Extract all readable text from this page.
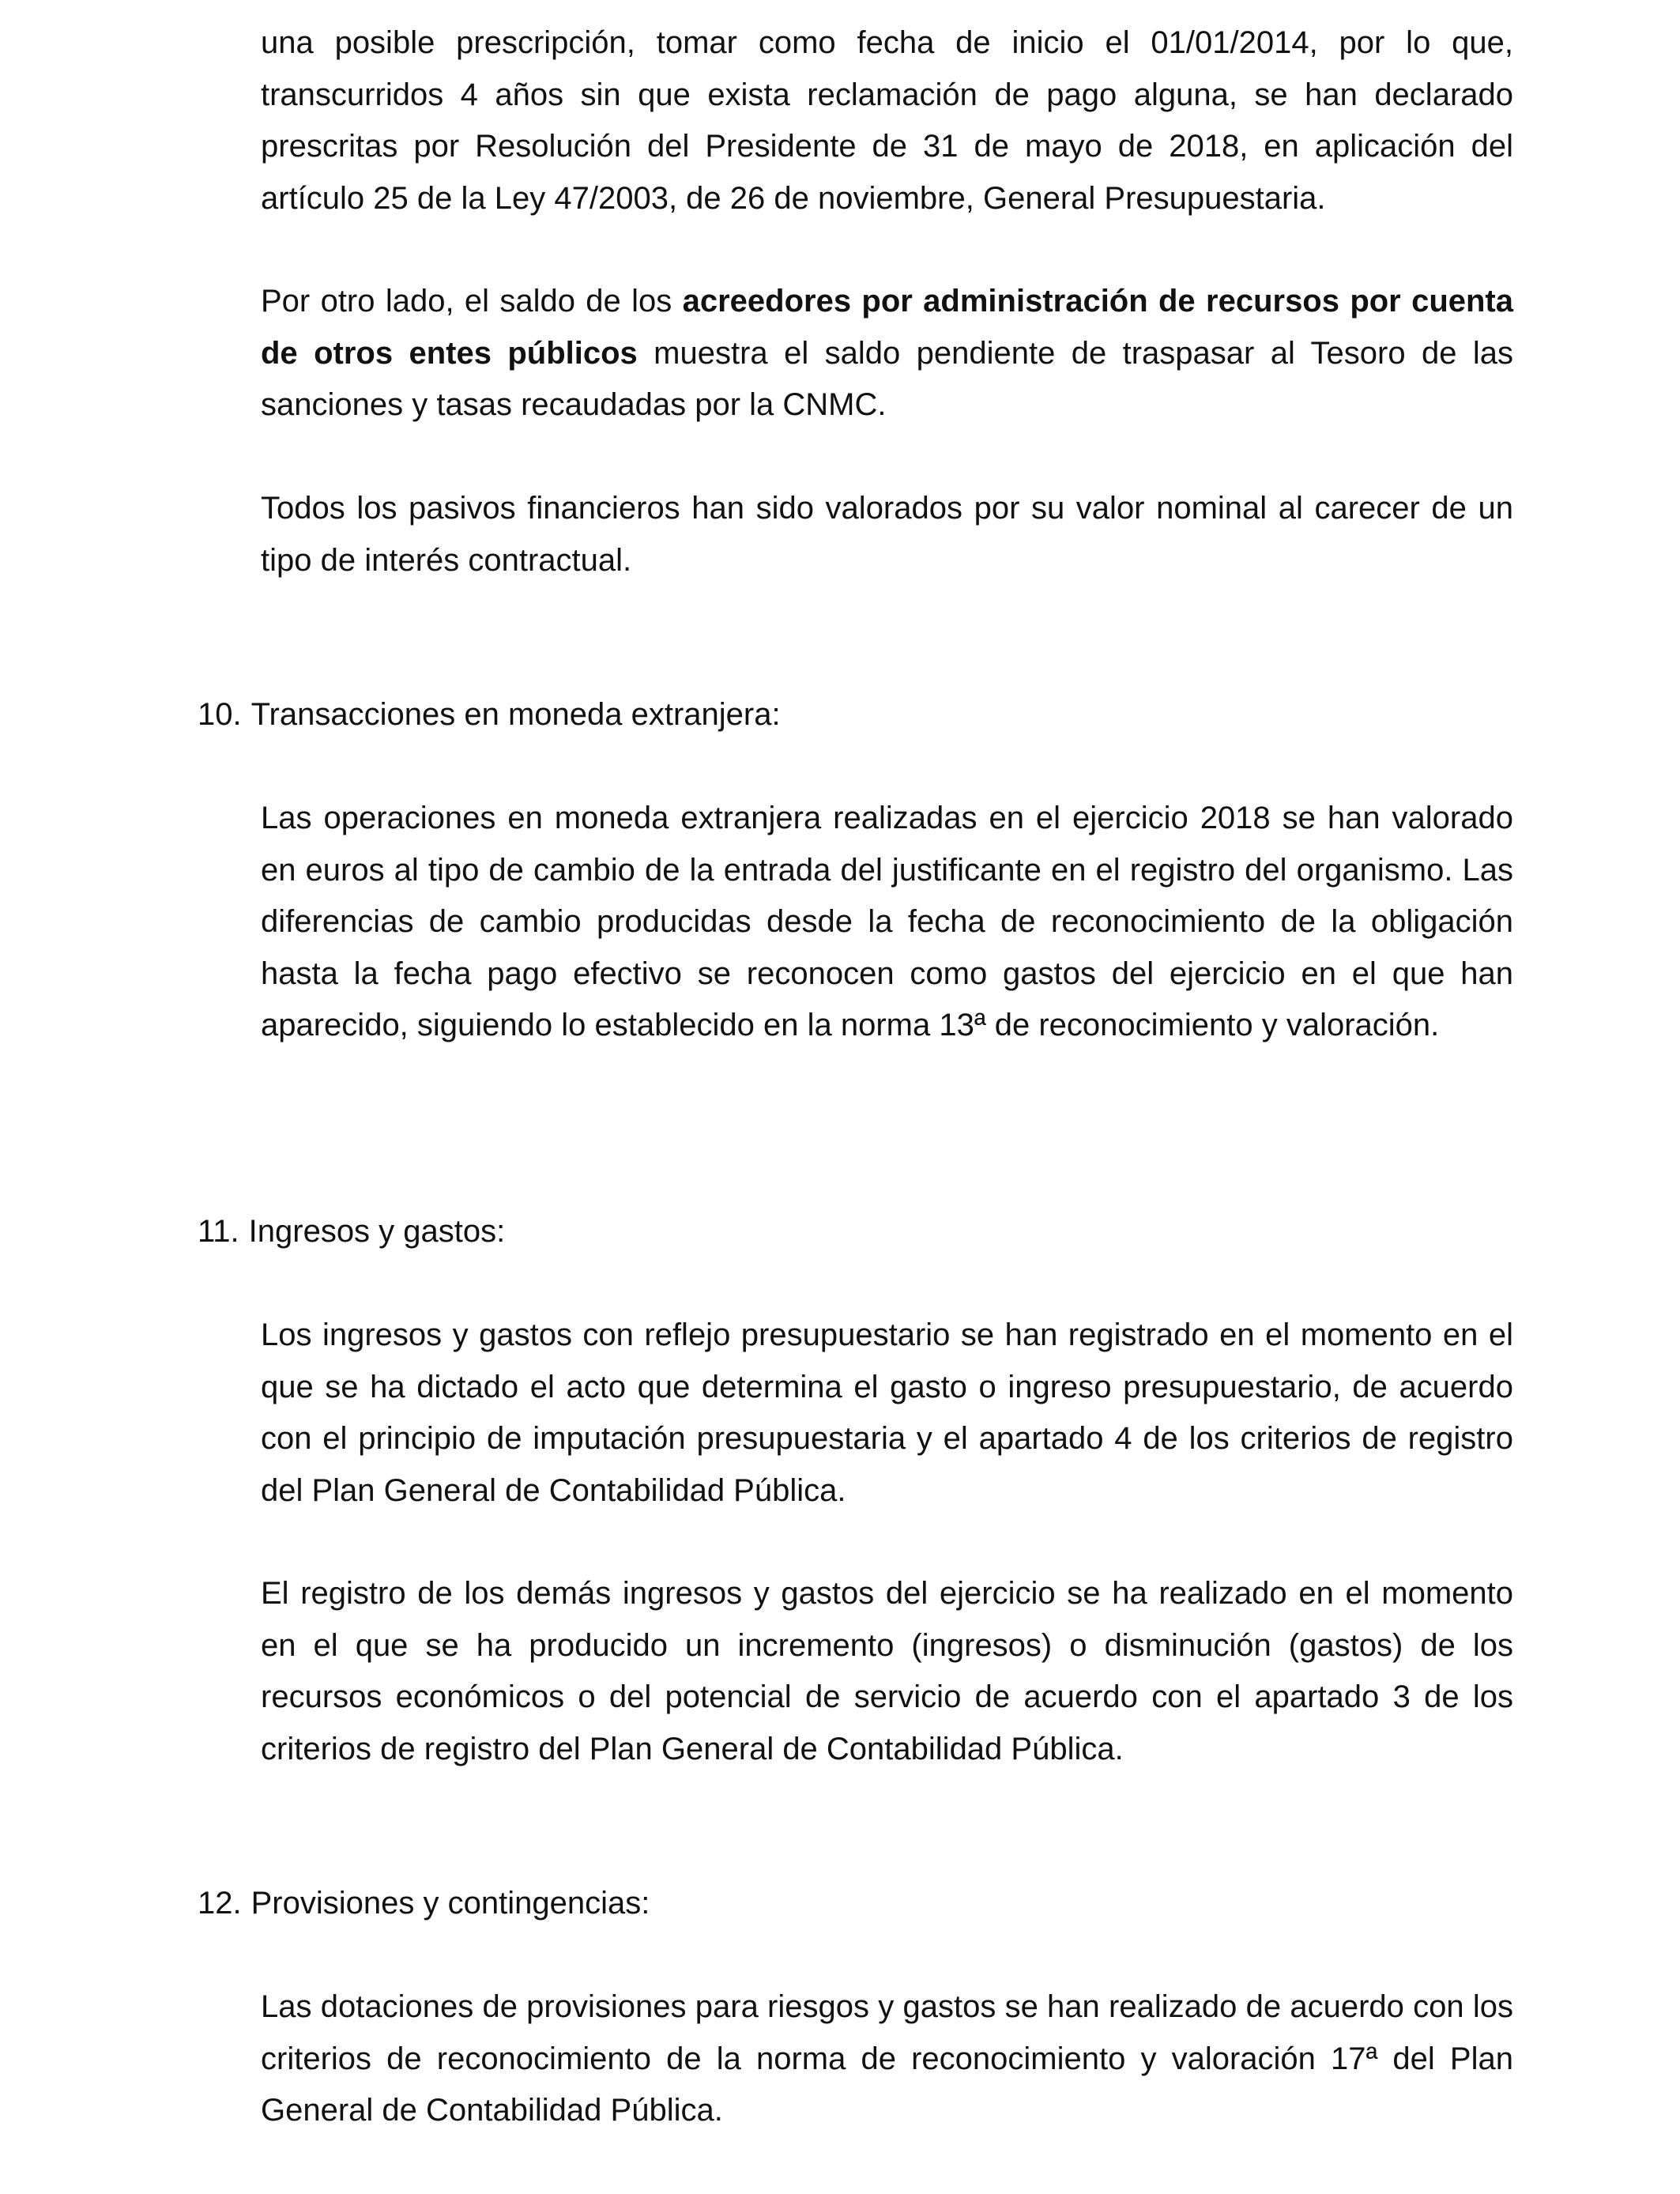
una posible prescripción, tomar como fecha de inicio el 01/01/2014, por lo que, transcurridos 4 años sin que exista reclamación de pago alguna, se han declarado prescritas por Resolución del Presidente de 31 de mayo de 2018, en aplicación del artículo 25 de la Ley 47/2003, de 26 de noviembre, General Presupuestaria.

Por otro lado, el saldo de los acreedores por administración de recursos por cuenta de otros entes públicos muestra el saldo pendiente de traspasar al Tesoro de las sanciones y tasas recaudadas por la CNMC.

Todos los pasivos financieros han sido valorados por su valor nominal al carecer de un tipo de interés contractual.

10. Transacciones en moneda extranjera:

Las operaciones en moneda extranjera realizadas en el ejercicio 2018 se han valorado en euros al tipo de cambio de la entrada del justificante en el registro del organismo. Las diferencias de cambio producidas desde la fecha de reconocimiento de la obligación hasta la fecha pago efectivo se reconocen como gastos del ejercicio en el que han aparecido, siguiendo lo establecido en la norma 13ª de reconocimiento y valoración.

11. Ingresos y gastos:

Los ingresos y gastos con reflejo presupuestario se han registrado en el momento en el que se ha dictado el acto que determina el gasto o ingreso presupuestario, de acuerdo con el principio de imputación presupuestaria y el apartado 4 de los criterios de registro del Plan General de Contabilidad Pública.

El registro de los demás ingresos y gastos del ejercicio se ha realizado en el momento en el que se ha producido un incremento (ingresos) o disminución (gastos) de los recursos económicos o del potencial de servicio de acuerdo con el apartado 3 de los criterios de registro del Plan General de Contabilidad Pública.

12. Provisiones y contingencias:

Las dotaciones de provisiones para riesgos y gastos se han realizado de acuerdo con los criterios de reconocimiento de la norma de reconocimiento y valoración 17ª del Plan General de Contabilidad Pública.
